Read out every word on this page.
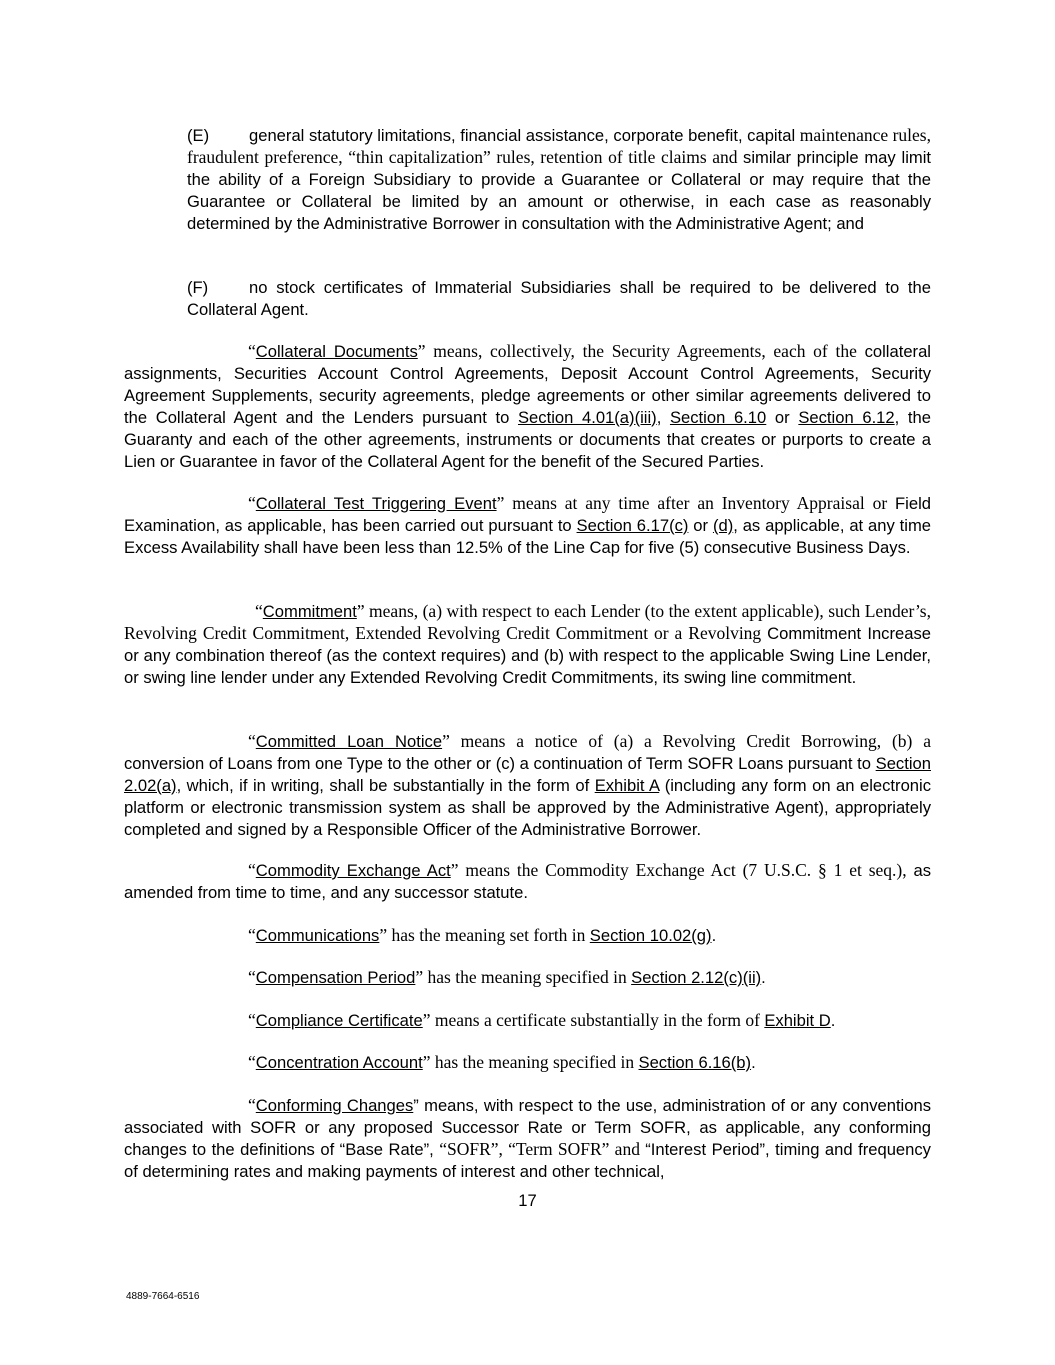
(E) general statutory limitations, financial assistance, corporate benefit, capital maintenance rules, fraudulent preference, “thin capitalization” rules, retention of title claims and similar principle may limit the ability of a Foreign Subsidiary to provide a Guarantee or Collateral or may require that the Guarantee or Collateral be limited by an amount or otherwise, in each case as reasonably determined by the Administrative Borrower in consultation with the Administrative Agent; and

(F) no stock certificates of Immaterial Subsidiaries shall be required to be delivered to the Collateral Agent.

“Collateral Documents” means, collectively, the Security Agreements, each of the collateral assignments, Securities Account Control Agreements, Deposit Account Control Agreements, Security Agreement Supplements, security agreements, pledge agreements or other similar agreements delivered to the Collateral Agent and the Lenders pursuant to Section 4.01(a)(iii), Section 6.10 or Section 6.12, the Guaranty and each of the other agreements, instruments or documents that creates or purports to create a Lien or Guarantee in favor of the Collateral Agent for the benefit of the Secured Parties.

“Collateral Test Triggering Event” means at any time after an Inventory Appraisal or Field Examination, as applicable, has been carried out pursuant to Section 6.17(c) or (d), as applicable, at any time Excess Availability shall have been less than 12.5% of the Line Cap for five (5) consecutive Business Days.

“Commitment” means, (a) with respect to each Lender (to the extent applicable), such Lender’s, Revolving Credit Commitment, Extended Revolving Credit Commitment or a Revolving Commitment Increase or any combination thereof (as the context requires) and (b) with respect to the applicable Swing Line Lender, or swing line lender under any Extended Revolving Credit Commitments, its swing line commitment.

“Committed Loan Notice” means a notice of (a) a Revolving Credit Borrowing, (b) a conversion of Loans from one Type to the other or (c) a continuation of Term SOFR Loans pursuant to Section 2.02(a), which, if in writing, shall be substantially in the form of Exhibit A (including any form on an electronic platform or electronic transmission system as shall be approved by the Administrative Agent), appropriately completed and signed by a Responsible Officer of the Administrative Borrower.

“Commodity Exchange Act” means the Commodity Exchange Act (7 U.S.C. § 1 et seq.), as amended from time to time, and any successor statute.

“Communications” has the meaning set forth in Section 10.02(g).

“Compensation Period” has the meaning specified in Section 2.12(c)(ii).

“Compliance Certificate” means a certificate substantially in the form of Exhibit D.

“Concentration Account” has the meaning specified in Section 6.16(b).

“Conforming Changes” means, with respect to the use, administration of or any conventions associated with SOFR or any proposed Successor Rate or Term SOFR, as applicable, any conforming changes to the definitions of “Base Rate”, “SOFR”, “Term SOFR” and “Interest Period”, timing and frequency of determining rates and making payments of interest and other technical,

17
4889-7664-6516
